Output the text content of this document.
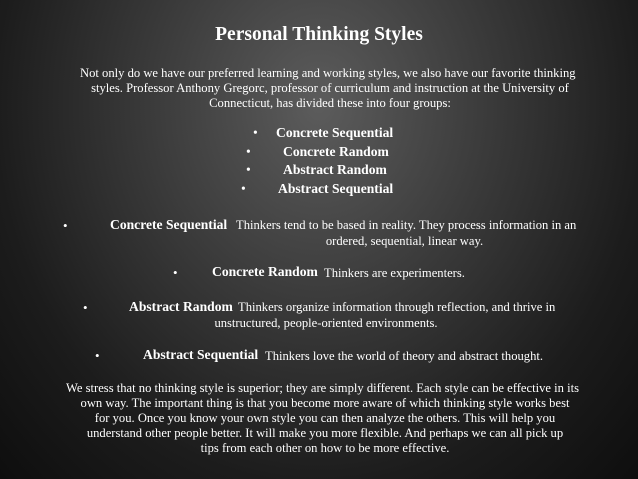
Personal Thinking Styles
Not only do we have our preferred learning and working styles, we also have our favorite thinking
styles. Professor Anthony Gregorc, professor of curriculum and instruction at the University of
Connecticut, has divided these into four groups:
• Concrete Sequential
• Concrete Random
• Abstract Random
• Abstract Sequential
•	Concrete Sequential Thinkers tend to be based in reality. They process information in an
ordered, sequential, linear way.
•	Concrete Random Thinkers are experimenters.
•	Abstract Random Thinkers organize information through reflection, and thrive in
unstructured, people-oriented environments.
•	Abstract Sequential Thinkers love the world of theory and abstract thought.
We stress that no thinking style is superior; they are simply different. Each style can be effective in its
own way. The important thing is that you become more aware of which thinking style works best
for you. Once you know your own style you can then analyze the others. This will help you
understand other people better. It will make you more flexible. And perhaps we can all pick up
tips from each other on how to be more effective.
